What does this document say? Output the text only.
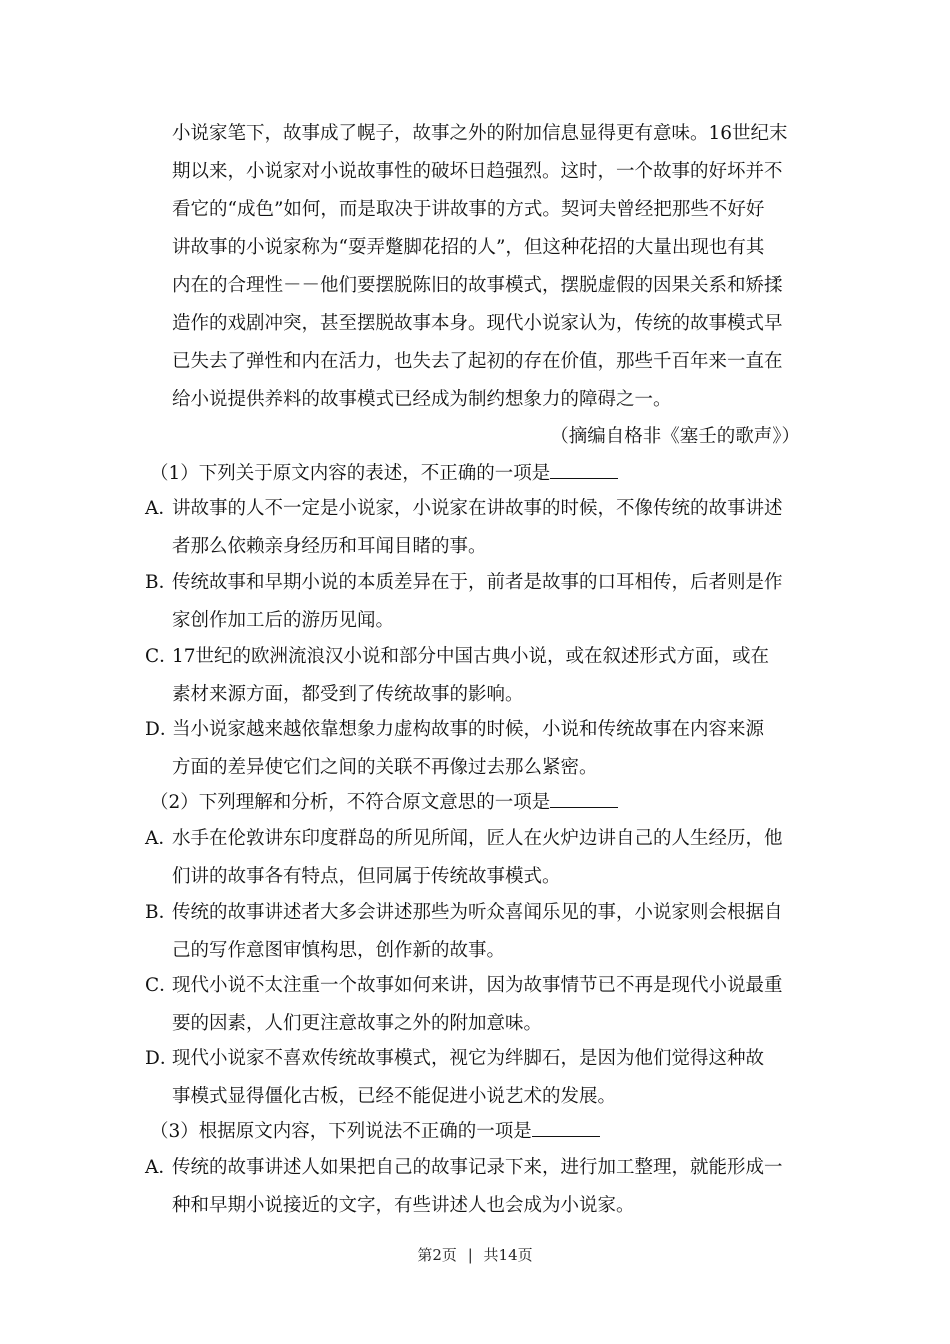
小说家笔下，故事成了幌子，故事之外的附加信息显得更有意味。16世纪末
期以来，小说家对小说故事性的破坏日趋强烈。这时，一个故事的好坏并不
看它的“成色”如何，而是取决于讲故事的方式。契诃夫曾经把那些不好好
讲故事的小说家称为“耍弄蹩脚花招的人”，但这种花招的大量出现也有其
内在的合理性－－他们要摆脱陈旧的故事模式，摆脱虚假的因果关系和矫揉
造作的戏剧冲突，甚至摆脱故事本身。现代小说家认为，传统的故事模式早
已失去了弹性和内在活力，也失去了起初的存在价值，那些千百年来一直在
给小说提供养料的故事模式已经成为制约想象力的障碍之一。
（摘编自格非《塞壬的歌声》）
（1）下列关于原文内容的表述，不正确的一项是
A．
讲故事的人不一定是小说家，小说家在讲故事的时候，不像传统的故事讲述
者那么依赖亲身经历和耳闻目睹的事。
B．
传统故事和早期小说的本质差异在于，前者是故事的口耳相传，后者则是作
家创作加工后的游历见闻。
C．
17世纪的欧洲流浪汉小说和部分中国古典小说，或在叙述形式方面，或在
素材来源方面，都受到了传统故事的影响。
D．
当小说家越来越依靠想象力虚构故事的时候，小说和传统故事在内容来源
方面的差异使它们之间的关联不再像过去那么紧密。
（2）下列理解和分析，不符合原文意思的一项是
A．
水手在伦敦讲东印度群岛的所见所闻，匠人在火炉边讲自己的人生经历，他
们讲的故事各有特点，但同属于传统故事模式。
B．
传统的故事讲述者大多会讲述那些为听众喜闻乐见的事，小说家则会根据自
己的写作意图审慎构思，创作新的故事。
C．
现代小说不太注重一个故事如何来讲，因为故事情节已不再是现代小说最重
要的因素，人们更注意故事之外的附加意味。
D．
现代小说家不喜欢传统故事模式，视它为绊脚石，是因为他们觉得这种故
事模式显得僵化古板，已经不能促进小说艺术的发展。
（3）根据原文内容，下列说法不正确的一项是
A．
传统的故事讲述人如果把自己的故事记录下来，进行加工整理，就能形成一
种和早期小说接近的文字，有些讲述人也会成为小说家。
第2页 | 共14页
